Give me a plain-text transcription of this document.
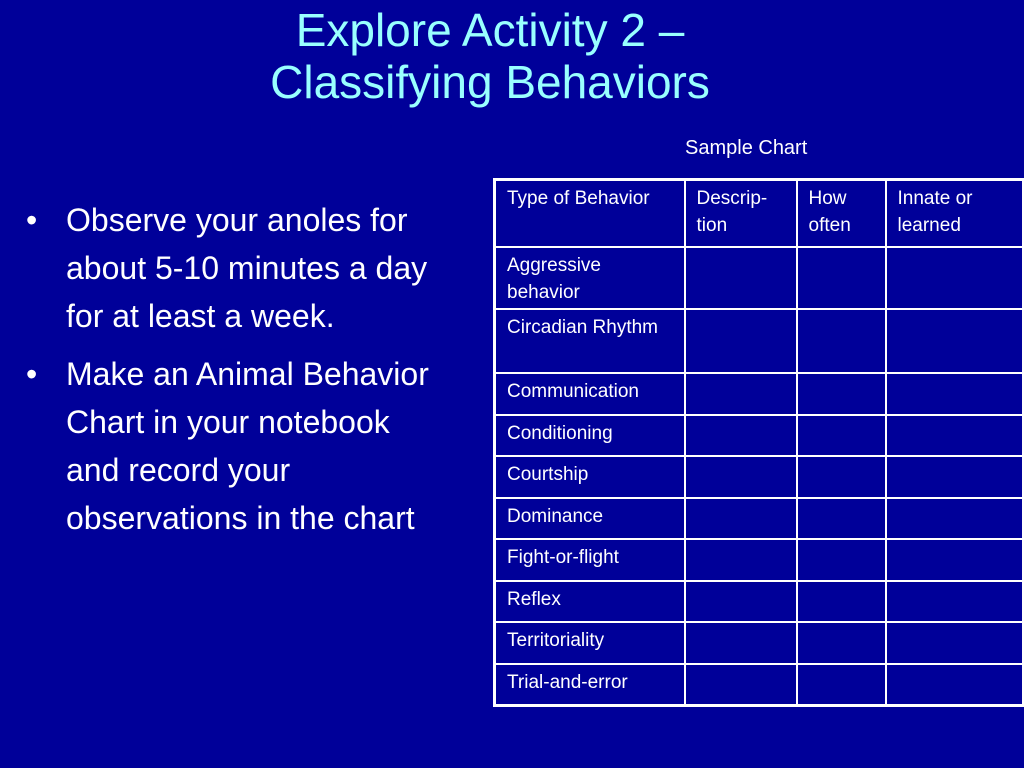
Explore Activity 2 –
Classifying Behaviors
Sample Chart
• Observe your anoles for about 5-10 minutes a day for at least a week.
• Make an Animal Behavior Chart in your notebook and record your observations in the chart
Type of Behavior	Descrip-tion	How often	Innate or learned
Aggressive behavior			
Circadian Rhythm			
Communication			
Conditioning			
Courtship			
Dominance			
Fight-or-flight			
Reflex			
Territoriality			
Trial-and-error			
